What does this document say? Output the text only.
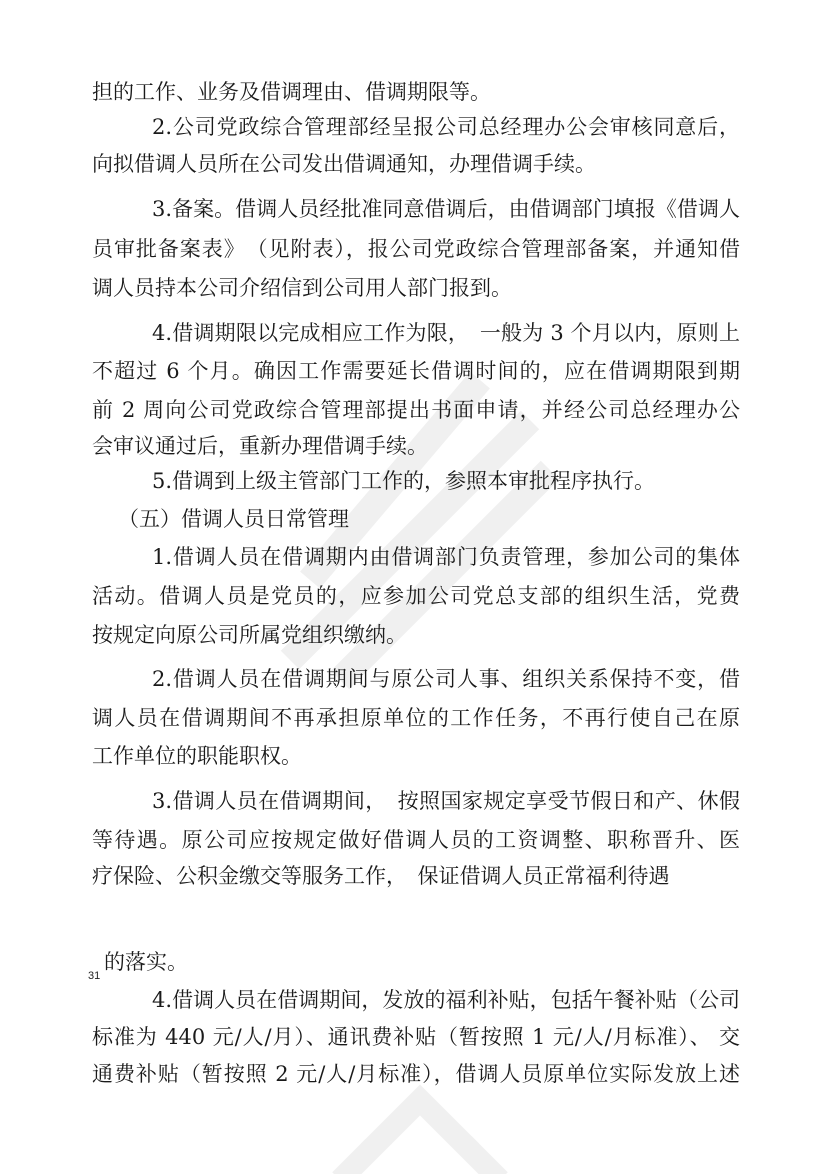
担的工作、业务及借调理由、借调期限等。
2.公司党政综合管理部经呈报公司总经理办公会审核同意后，
向拟借调人员所在公司发出借调通知，办理借调手续。
3.备案。借调人员经批准同意借调后，由借调部门填报《借调人
员审批备案表》　（见附表），报公司党政综合管理部备案，并通知借
调人员持本公司介绍信到公司用人部门报到。
4.借调期限以完成相应工作为限，　一般为 3 个月以内，原则上
不超过 6 个月。确因工作需要延长借调时间的，应在借调期限到期
前 2 周向公司党政综合管理部提出书面申请，并经公司总经理办公
会审议通过后，重新办理借调手续。
5.借调到上级主管部门工作的，参照本审批程序执行。
（五）借调人员日常管理
1.借调人员在借调期内由借调部门负责管理，参加公司的集体
活动。借调人员是党员的，应参加公司党总支部的组织生活，党费
按规定向原公司所属党组织缴纳。
2.借调人员在借调期间与原公司人事、组织关系保持不变，借
调人员在借调期间不再承担原单位的工作任务，不再行使自己在原
工作单位的职能职权。
3.借调人员在借调期间，　按照国家规定享受节假日和产、休假
等待遇。原公司应按规定做好借调人员的工资调整、职称晋升、医
疗保险、公积金缴交等服务工作，　保证借调人员正常福利待遇
31
的落实。
4.借调人员在借调期间，发放的福利补贴，包括午餐补贴（公司
标准为 440 元/人/月）、通讯费补贴（暂按照 1 元/人/月标准）、 交
通费补贴（暂按照 2 元/人/月标准），借调人员原单位实际发放上述
